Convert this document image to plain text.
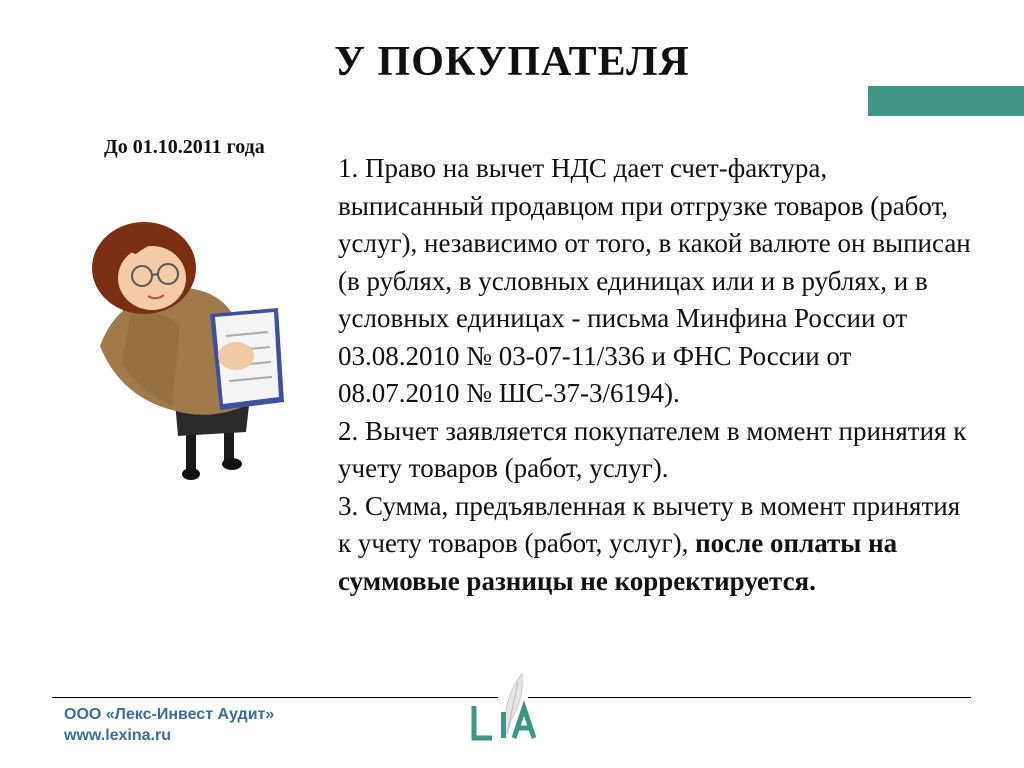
У ПОКУПАТЕЛЯ
До 01.10.2011 года

1. Право на вычет НДС дает счет-фактура, выписанный продавцом при отгрузке товаров (работ, услуг), независимо от того, в какой валюте он выписан (в рублях, в условных единицах или и в рублях, и в условных единицах - письма Минфина России от 03.08.2010 № 03-07-11/336 и ФНС России от 08.07.2010 № ШС-37-3/6194).

2. Вычет заявляется покупателем в момент принятия к учету товаров (работ, услуг).

3. Сумма, предъявленная к вычету в момент принятия к учету товаров (работ, услуг), после оплаты на суммовые разницы не корректируется.

ООО «Лекс-Инвест Аудит»
www.lexina.ru
